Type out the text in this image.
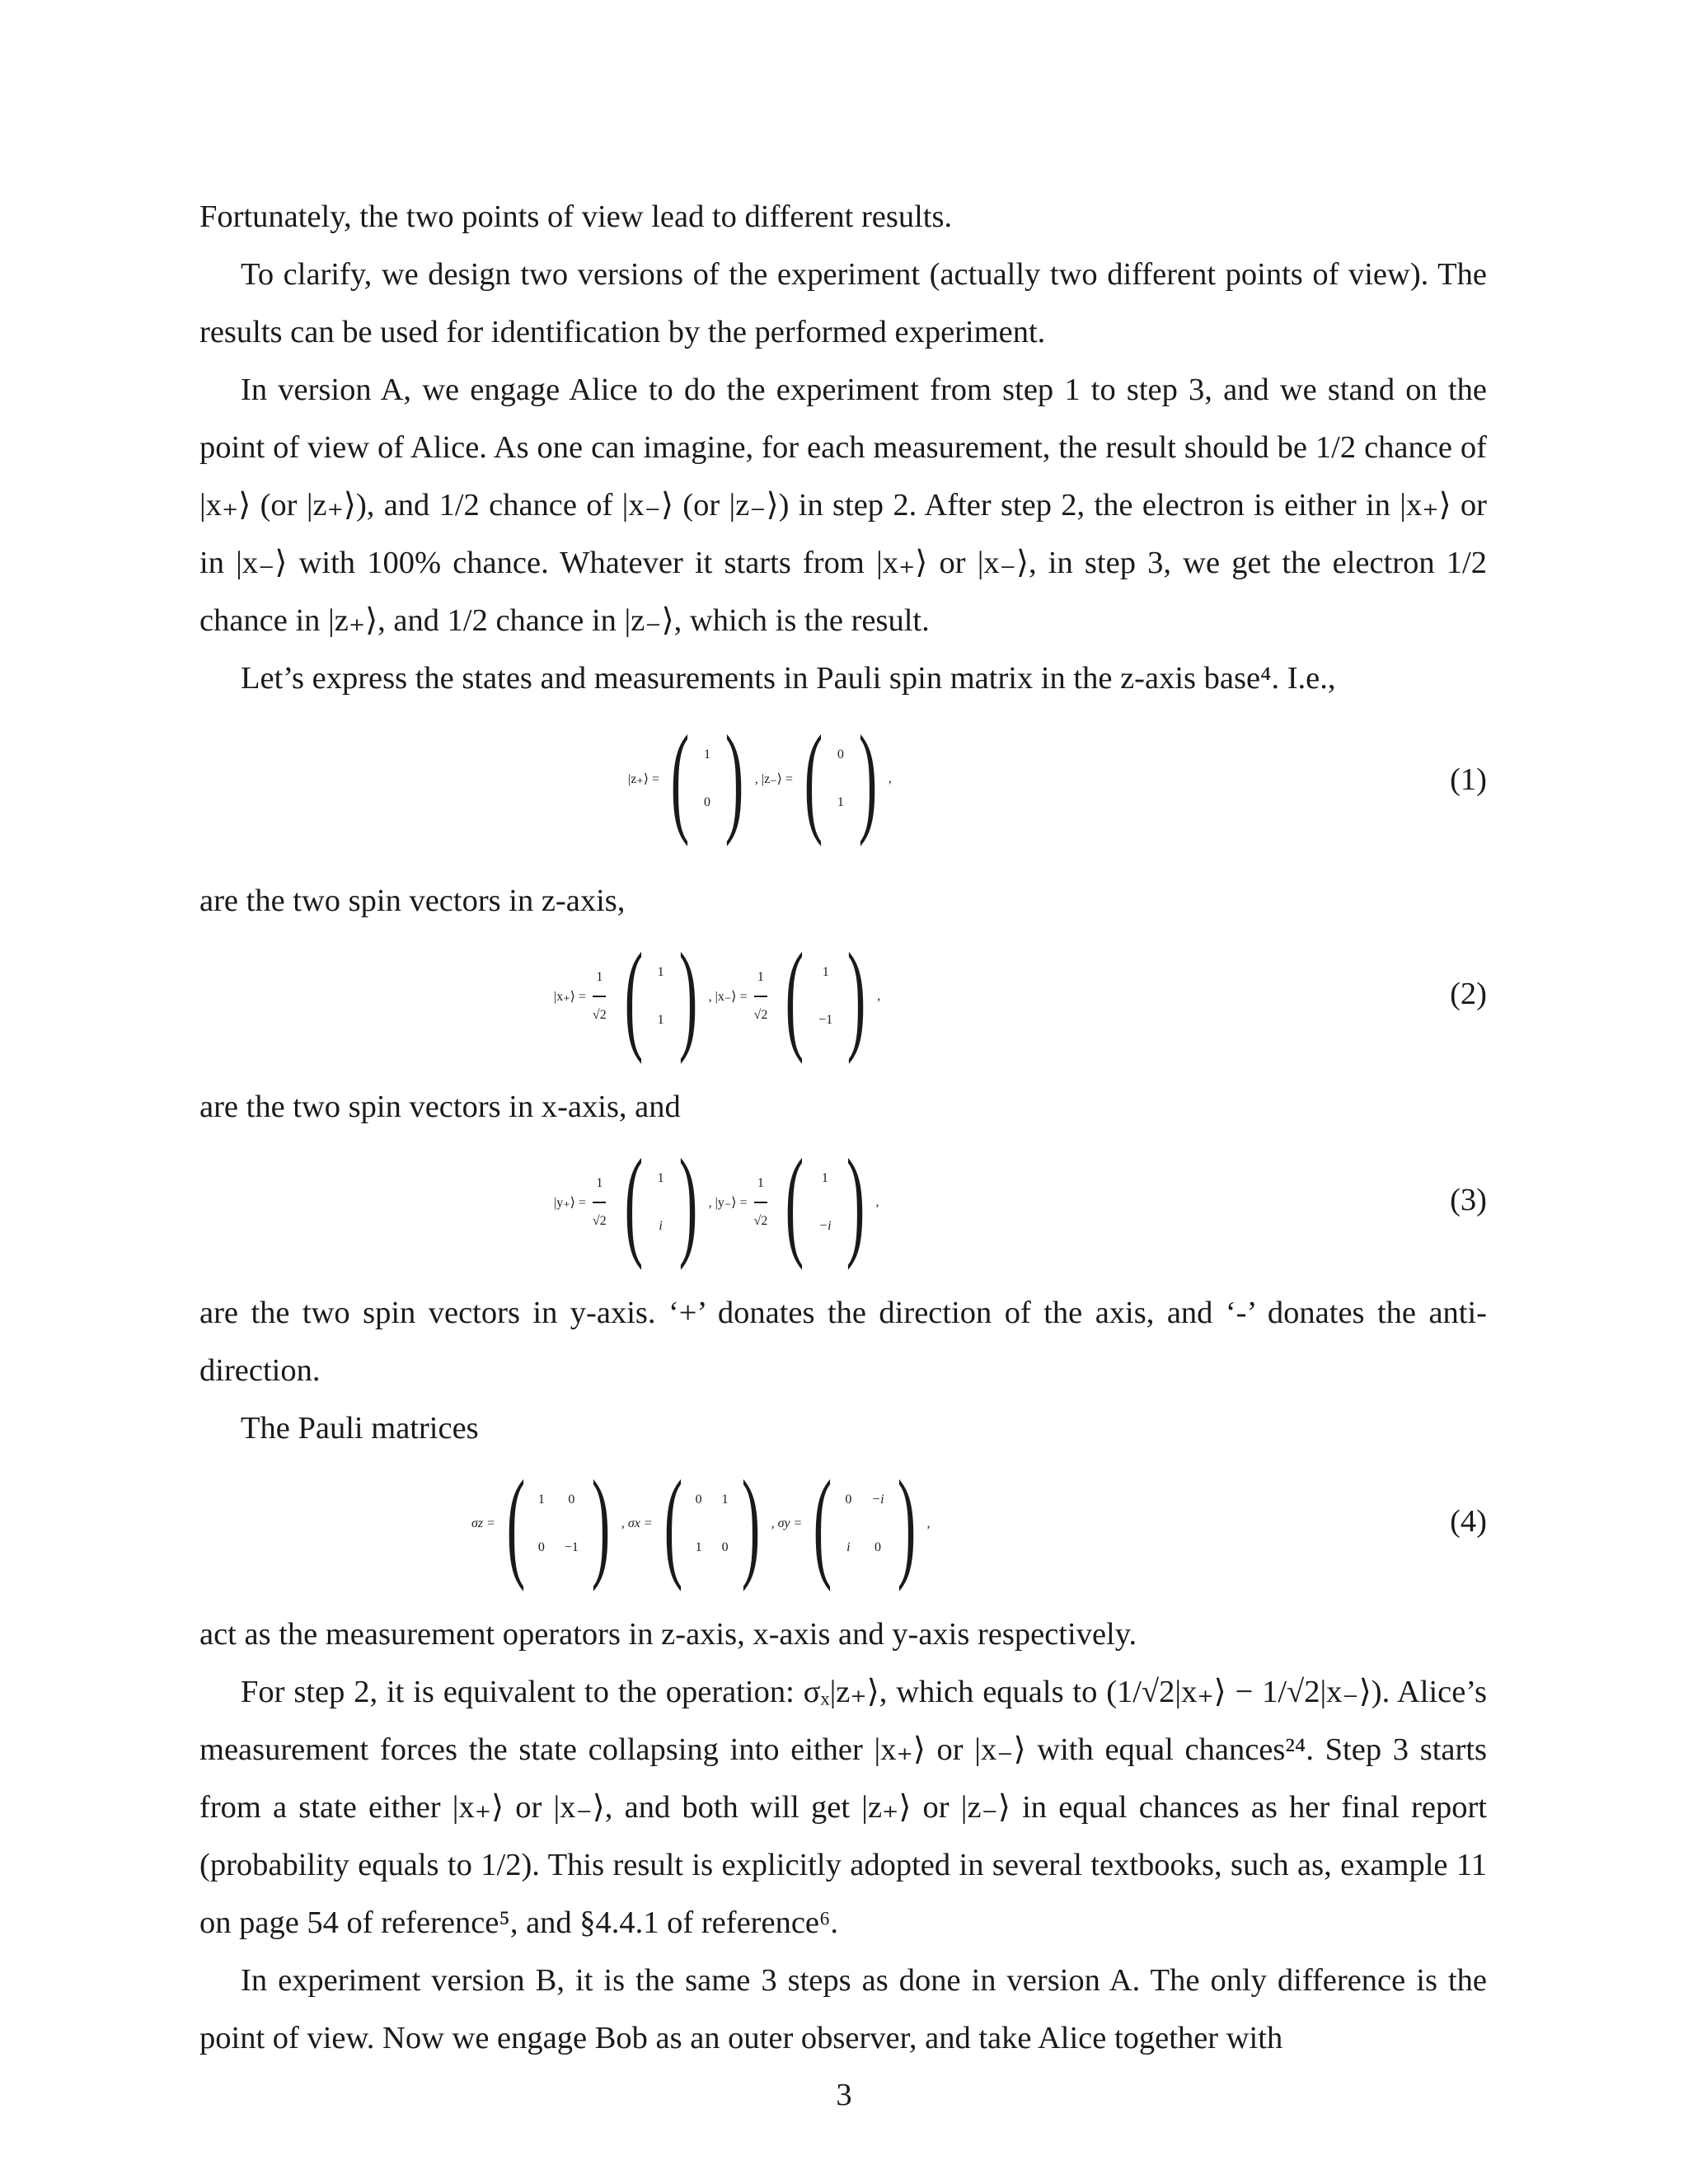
Fortunately, the two points of view lead to different results.

To clarify, we design two versions of the experiment (actually two different points of view). The results can be used for identification by the performed experiment.

In version A, we engage Alice to do the experiment from step 1 to step 3, and we stand on the point of view of Alice. As one can imagine, for each measurement, the result should be 1/2 chance of |x₊⟩ (or |z₊⟩), and 1/2 chance of |x₋⟩ (or |z₋⟩) in step 2. After step 2, the electron is either in |x₊⟩ or in |x₋⟩ with 100% chance. Whatever it starts from |x₊⟩ or |x₋⟩, in step 3, we get the electron 1/2 chance in |z₊⟩, and 1/2 chance in |z₋⟩, which is the result.

Let’s express the states and measurements in Pauli spin matrix in the z-axis base⁴. I.e.,

|z₊⟩ = ( 1
0 ) , |z₋⟩ = ( 0
1 ) ,	(1)

are the two spin vectors in z-axis,

|x₊⟩ = $\frac{1}{√2}$ ( 1
1 ) , |x₋⟩ = $\frac{1}{√2}$ ( 1
−1 ) ,	(2)

are the two spin vectors in x-axis, and

|y₊⟩ = $\frac{1}{√2}$ ( 1
i ) , |y₋⟩ = $\frac{1}{√2}$ ( 1
−i ) ,	(3)

are the two spin vectors in y-axis. ‘+’ donates the direction of the axis, and ‘-’ donates the anti-direction.

The Pauli matrices

σz = ( 1 0
0 −1 ) , σx = ( 0 1
1 0 ) , σy = ( 0 −i
i 0 ) ,	(4)

act as the measurement operators in z-axis, x-axis and y-axis respectively.

For step 2, it is equivalent to the operation: σₓ|z₊⟩, which equals to (1/√2|x₊⟩ − 1/√2|x₋⟩). Alice’s measurement forces the state collapsing into either |x₊⟩ or |x₋⟩ with equal chances²⁴. Step 3 starts from a state either |x₊⟩ or |x₋⟩, and both will get |z₊⟩ or |z₋⟩ in equal chances as her final report (probability equals to 1/2). This result is explicitly adopted in several textbooks, such as, example 11 on page 54 of reference⁵, and §4.4.1 of reference⁶.

In experiment version B, it is the same 3 steps as done in version A. The only difference is the point of view. Now we engage Bob as an outer observer, and take Alice together with

3
